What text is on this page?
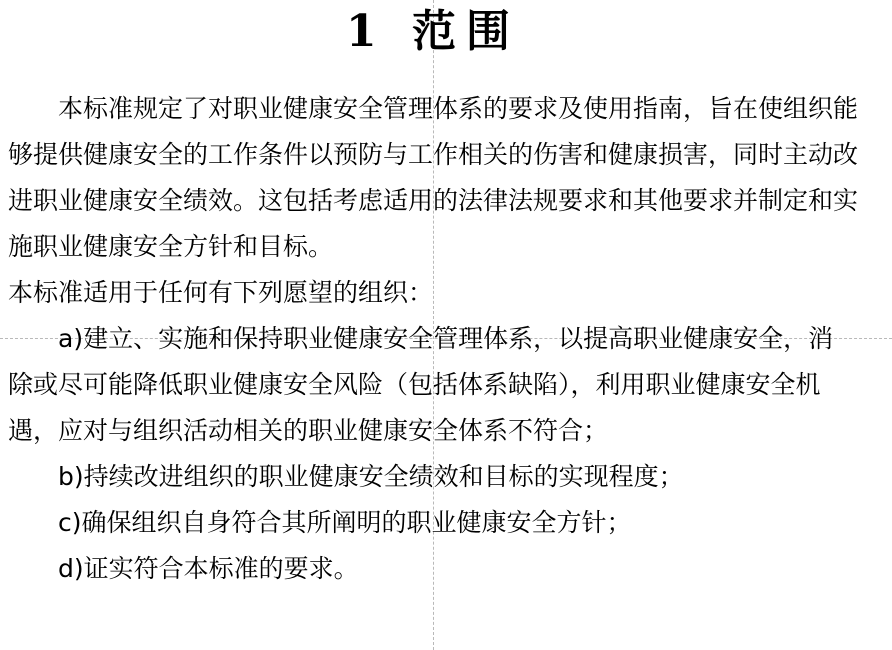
1 范围

本标准规定了对职业健康安全管理体系的要求及使用指南，旨在使组织能够提供健康安全的工作条件以预防与工作相关的伤害和健康损害，同时主动改进职业健康安全绩效。这包括考虑适用的法律法规要求和其他要求并制定和实施职业健康安全方针和目标。

本标准适用于任何有下列愿望的组织：

a)建立、实施和保持职业健康安全管理体系，以提高职业健康安全，消除或尽可能降低职业健康安全风险（包括体系缺陷），利用职业健康安全机遇，应对与组织活动相关的职业健康安全体系不符合；

b)持续改进组织的职业健康安全绩效和目标的实现程度；

c)确保组织自身符合其所阐明的职业健康安全方针；

d)证实符合本标准的要求。
